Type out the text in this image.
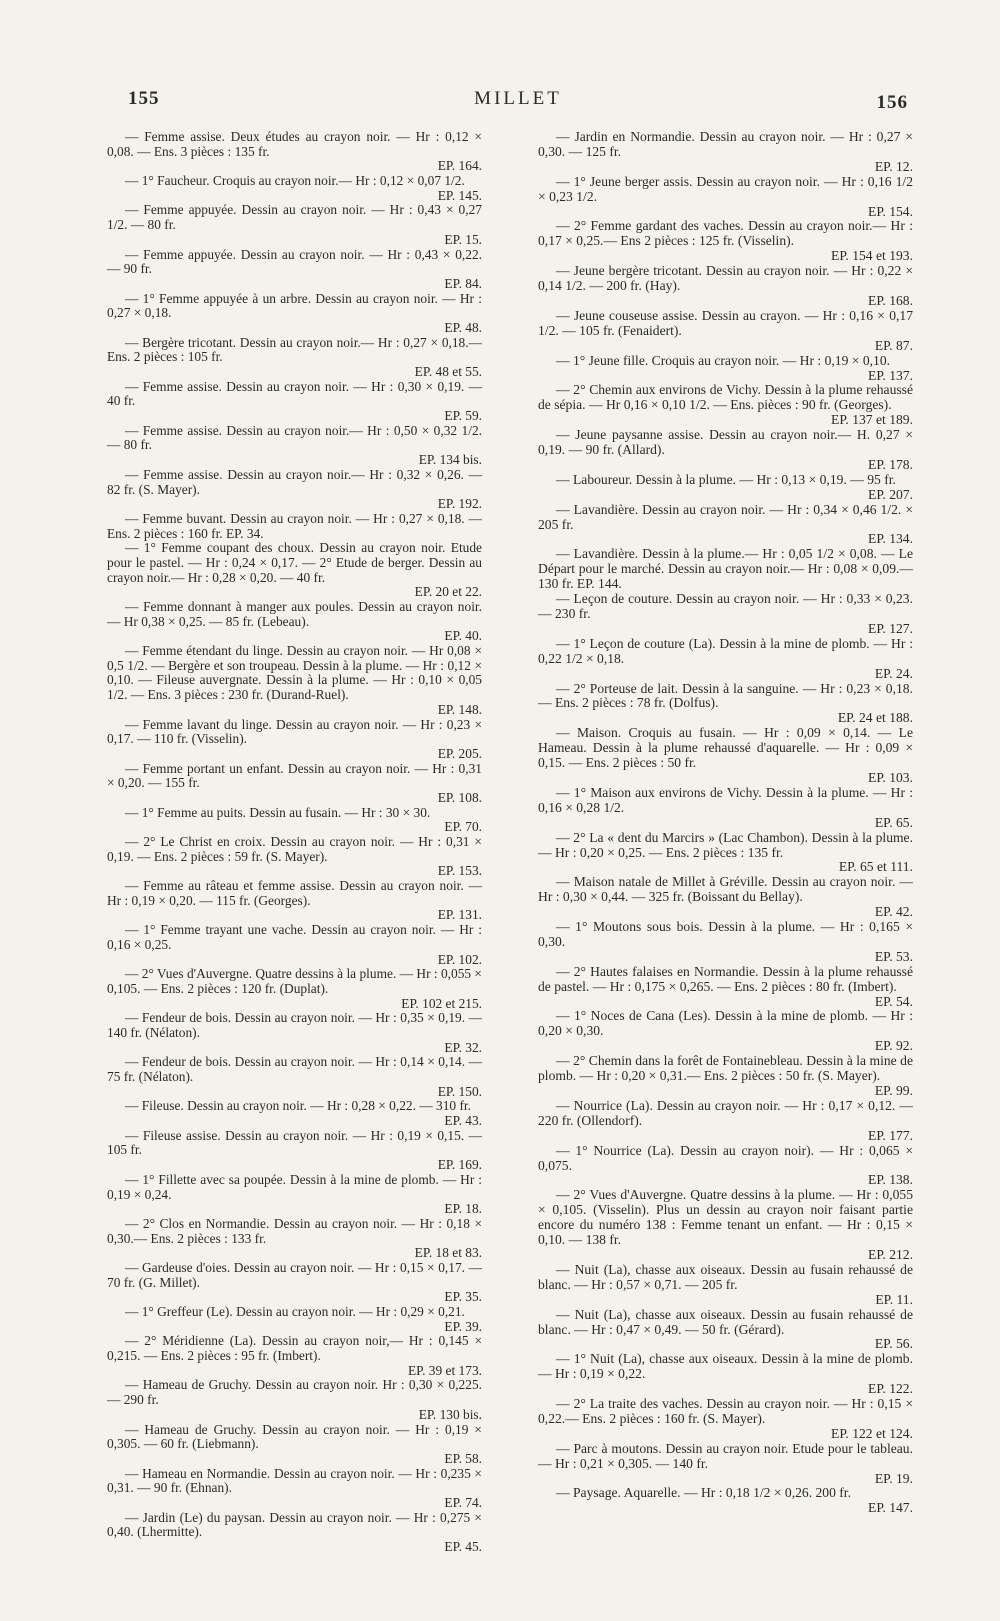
155	MILLET	156

— Femme assise. Deux études au crayon noir. — Hr : 0,12 × 0,08. — Ens. 3 pièces : 135 fr.
EP. 164.

— 1° Faucheur. Croquis au crayon noir.— Hr : 0,12 × 0,07 1/2.
EP. 145.

— Femme appuyée. Dessin au crayon noir. — Hr : 0,43 × 0,27 1/2. — 80 fr.
EP. 15.

— Femme appuyée. Dessin au crayon noir. — Hr : 0,43 × 0,22. — 90 fr.
EP. 84.

— 1° Femme appuyée à un arbre. Dessin au crayon noir. — Hr : 0,27 × 0,18.
EP. 48.

— Bergère tricotant. Dessin au crayon noir.— Hr : 0,27 × 0,18.— Ens. 2 pièces : 105 fr.
EP. 48 et 55.

— Femme assise. Dessin au crayon noir. — Hr : 0,30 × 0,19. — 40 fr.
EP. 59.

— Femme assise. Dessin au crayon noir.— Hr : 0,50 × 0,32 1/2. — 80 fr.
EP. 134 bis.

— Femme assise. Dessin au crayon noir.— Hr : 0,32 × 0,26. — 82 fr. (S. Mayer).
EP. 192.

— Femme buvant. Dessin au crayon noir. — Hr : 0,27 × 0,18. — Ens. 2 pièces : 160 fr. EP. 34.

— 1° Femme coupant des choux. Dessin au crayon noir. Etude pour le pastel. — Hr : 0,24 × 0,17. — 2° Etude de berger. Dessin au crayon noir.— Hr : 0,28 × 0,20. — 40 fr.
EP. 20 et 22.

— Femme donnant à manger aux poules. Dessin au crayon noir. — Hr 0,38 × 0,25. — 85 fr. (Lebeau).
EP. 40.

— Femme étendant du linge. Dessin au crayon noir. — Hr 0,08 × 0,5 1/2. — Bergère et son troupeau. Dessin à la plume. — Hr : 0,12 × 0,10. — Fileuse auvergnate. Dessin à la plume. — Hr : 0,10 × 0,05 1/2. — Ens. 3 pièces : 230 fr. (Durand-Ruel).
EP. 148.

— Femme lavant du linge. Dessin au crayon noir. — Hr : 0,23 × 0,17. — 110 fr. (Visselin).
EP. 205.

— Femme portant un enfant. Dessin au crayon noir. — Hr : 0,31 × 0,20. — 155 fr.
EP. 108.

— 1° Femme au puits. Dessin au fusain. — Hr : 30 × 30.
EP. 70.

— 2° Le Christ en croix. Dessin au crayon noir. — Hr : 0,31 × 0,19. — Ens. 2 pièces : 59 fr. (S. Mayer).
EP. 153.

— Femme au râteau et femme assise. Dessin au crayon noir. — Hr : 0,19 × 0,20. — 115 fr. (Georges).
EP. 131.

— 1° Femme trayant une vache. Dessin au crayon noir. — Hr : 0,16 × 0,25.
EP. 102.

— 2° Vues d'Auvergne. Quatre dessins à la plume. — Hr : 0,055 × 0,105. — Ens. 2 pièces : 120 fr. (Duplat).
EP. 102 et 215.

— Fendeur de bois. Dessin au crayon noir. — Hr : 0,35 × 0,19. — 140 fr. (Nélaton).
EP. 32.

— Fendeur de bois. Dessin au crayon noir. — Hr : 0,14 × 0,14. — 75 fr. (Nélaton).
EP. 150.

— Fileuse. Dessin au crayon noir. — Hr : 0,28 × 0,22. — 310 fr.
EP. 43.

— Fileuse assise. Dessin au crayon noir. — Hr : 0,19 × 0,15. — 105 fr.
EP. 169.

— 1° Fillette avec sa poupée. Dessin à la mine de plomb. — Hr : 0,19 × 0,24.
EP. 18.

— 2° Clos en Normandie. Dessin au crayon noir. — Hr : 0,18 × 0,30.— Ens. 2 pièces : 133 fr.
EP. 18 et 83.

— Gardeuse d'oies. Dessin au crayon noir. — Hr : 0,15 × 0,17. — 70 fr. (G. Millet).
EP. 35.

— 1° Greffeur (Le). Dessin au crayon noir. — Hr : 0,29 × 0,21.
EP. 39.

— 2° Méridienne (La). Dessin au crayon noir,— Hr : 0,145 × 0,215. — Ens. 2 pièces : 95 fr. (Imbert).
EP. 39 et 173.

— Hameau de Gruchy. Dessin au crayon noir. Hr : 0,30 × 0,225. — 290 fr.
EP. 130 bis.

— Hameau de Gruchy. Dessin au crayon noir. — Hr : 0,19 × 0,305. — 60 fr. (Liebmann).
EP. 58.

— Hameau en Normandie. Dessin au crayon noir. — Hr : 0,235 × 0,31. — 90 fr. (Ehnan).
EP. 74.

— Jardin (Le) du paysan. Dessin au crayon noir. — Hr : 0,275 × 0,40. (Lhermitte).
EP. 45.

— Jardin en Normandie. Dessin au crayon noir. — Hr : 0,27 × 0,30. — 125 fr.
EP. 12.

— 1° Jeune berger assis. Dessin au crayon noir. — Hr : 0,16 1/2 × 0,23 1/2.
EP. 154.

— 2° Femme gardant des vaches. Dessin au crayon noir.— Hr : 0,17 × 0,25.— Ens 2 pièces : 125 fr. (Visselin).
EP. 154 et 193.

— Jeune bergère tricotant. Dessin au crayon noir. — Hr : 0,22 × 0,14 1/2. — 200 fr. (Hay).
EP. 168.

— Jeune couseuse assise. Dessin au crayon. — Hr : 0,16 × 0,17 1/2. — 105 fr. (Fenaidert).
EP. 87.

— 1° Jeune fille. Croquis au crayon noir. — Hr : 0,19 × 0,10.
EP. 137.

— 2° Chemin aux environs de Vichy. Dessin à la plume rehaussé de sépia. — Hr 0,16 × 0,10 1/2. — Ens. pièces : 90 fr. (Georges).
EP. 137 et 189.

— Jeune paysanne assise. Dessin au crayon noir.— H. 0,27 × 0,19. — 90 fr. (Allard).
EP. 178.

— Laboureur. Dessin à la plume. — Hr : 0,13 × 0,19. — 95 fr.
EP. 207.

— Lavandière. Dessin au crayon noir. — Hr : 0,34 × 0,46 1/2. × 205 fr.
EP. 134.

— Lavandière. Dessin à la plume.— Hr : 0,05 1/2 × 0,08. — Le Départ pour le marché. Dessin au crayon noir.— Hr : 0,08 × 0,09.— 130 fr. EP. 144.

— Leçon de couture. Dessin au crayon noir. — Hr : 0,33 × 0,23. — 230 fr.
EP. 127.

— 1° Leçon de couture (La). Dessin à la mine de plomb. — Hr : 0,22 1/2 × 0,18.
EP. 24.

— 2° Porteuse de lait. Dessin à la sanguine. — Hr : 0,23 × 0,18. — Ens. 2 pièces : 78 fr. (Dolfus).
EP. 24 et 188.

— Maison. Croquis au fusain. — Hr : 0,09 × 0,14. — Le Hameau. Dessin à la plume rehaussé d'aquarelle. — Hr : 0,09 × 0,15. — Ens. 2 pièces : 50 fr.
EP. 103.

— 1° Maison aux environs de Vichy. Dessin à la plume. — Hr : 0,16 × 0,28 1/2.
EP. 65.

— 2° La « dent du Marcirs » (Lac Chambon). Dessin à la plume. — Hr : 0,20 × 0,25. — Ens. 2 pièces : 135 fr.
EP. 65 et 111.

— Maison natale de Millet à Gréville. Dessin au crayon noir. — Hr : 0,30 × 0,44. — 325 fr. (Boissant du Bellay).
EP. 42.

— 1° Moutons sous bois. Dessin à la plume. — Hr : 0,165 × 0,30.
EP. 53.

— 2° Hautes falaises en Normandie. Dessin à la plume rehaussé de pastel. — Hr : 0,175 × 0,265. — Ens. 2 pièces : 80 fr. (Imbert).
EP. 54.

— 1° Noces de Cana (Les). Dessin à la mine de plomb. — Hr : 0,20 × 0,30.
EP. 92.

— 2° Chemin dans la forêt de Fontainebleau. Dessin à la mine de plomb. — Hr : 0,20 × 0,31.— Ens. 2 pièces : 50 fr. (S. Mayer).
EP. 99.

— Nourrice (La). Dessin au crayon noir. — Hr : 0,17 × 0,12. — 220 fr. (Ollendorf).
EP. 177.

— 1° Nourrice (La). Dessin au crayon noir). — Hr : 0,065 × 0,075.
EP. 138.

— 2° Vues d'Auvergne. Quatre dessins à la plume. — Hr : 0,055 × 0,105. (Visselin). Plus un dessin au crayon noir faisant partie encore du numéro 138 : Femme tenant un enfant. — Hr : 0,15 × 0,10. — 138 fr.
EP. 212.

— Nuit (La), chasse aux oiseaux. Dessin au fusain rehaussé de blanc. — Hr : 0,57 × 0,71. — 205 fr.
EP. 11.

— Nuit (La), chasse aux oiseaux. Dessin au fusain rehaussé de blanc. — Hr : 0,47 × 0,49. — 50 fr. (Gérard).
EP. 56.

— 1° Nuit (La), chasse aux oiseaux. Dessin à la mine de plomb. — Hr : 0,19 × 0,22.
EP. 122.

— 2° La traite des vaches. Dessin au crayon noir. — Hr : 0,15 × 0,22.— Ens. 2 pièces : 160 fr. (S. Mayer).
EP. 122 et 124.

— Parc à moutons. Dessin au crayon noir. Etude pour le tableau. — Hr : 0,21 × 0,305. — 140 fr.
EP. 19.

— Paysage. Aquarelle. — Hr : 0,18 1/2 × 0,26. 200 fr.
EP. 147.
